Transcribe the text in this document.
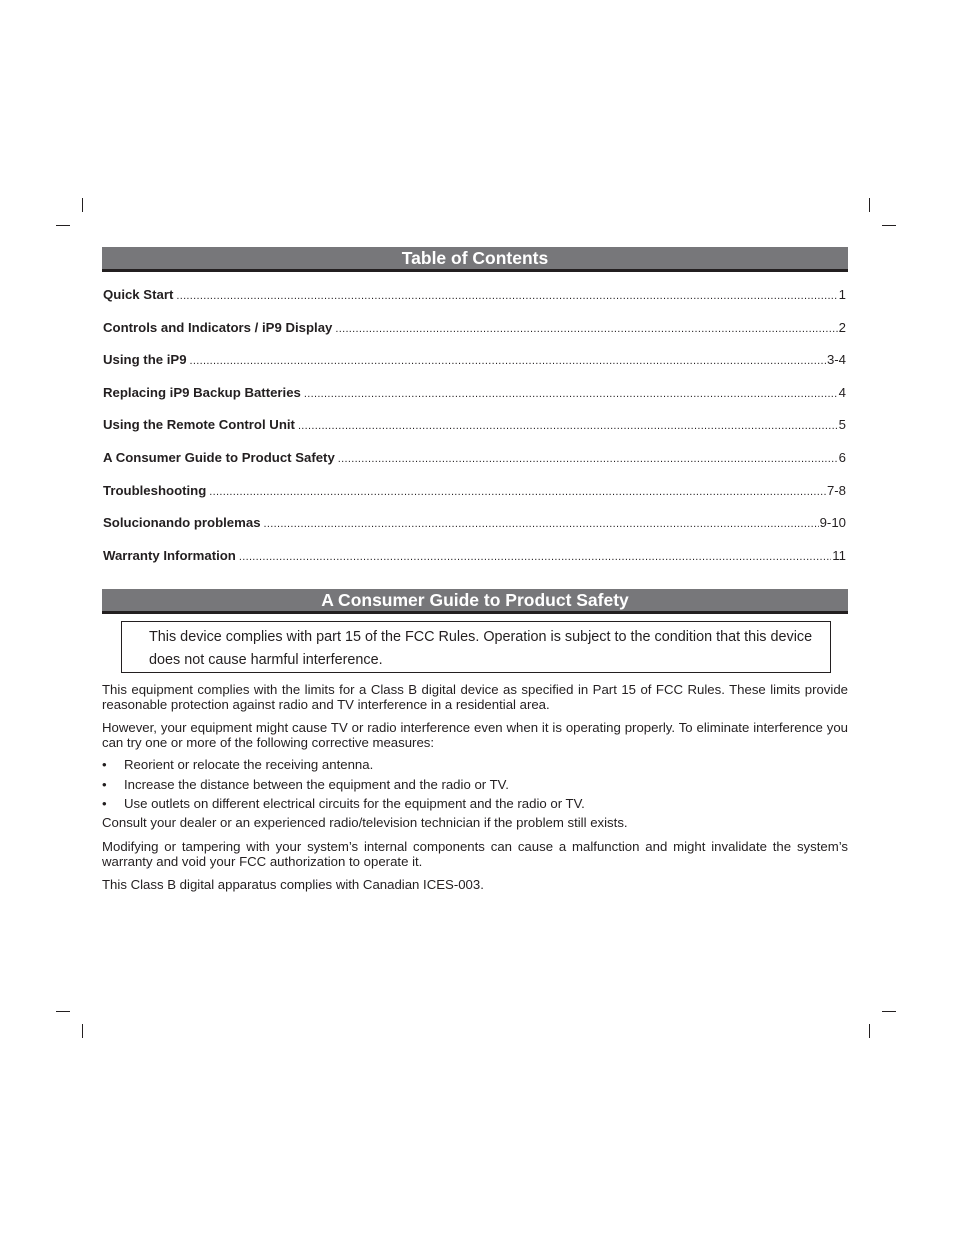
Table of Contents
Quick Start .....	1
Controls and Indicators / iP9 Display .....	2
Using the iP9 .....	3-4
Replacing iP9 Backup Batteries .....	4
Using the Remote Control Unit .....	5
A Consumer Guide to Product Safety .....	6
Troubleshooting .....	7-8
Solucionando problemas .....	9-10
Warranty Information .....	11
A Consumer Guide to Product Safety

This device complies with part 15 of the FCC Rules. Operation is subject to the condition that this device does not cause harmful interference.

This equipment complies with the limits for a Class B digital device as specified in Part 15 of FCC Rules. These limits provide reasonable protection against radio and TV interference in a residential area.

However, your equipment might cause TV or radio interference even when it is operating properly. To eliminate interference you can try one or more of the following corrective measures:

•	Reorient or relocate the receiving antenna.
•	Increase the distance between the equipment and the radio or TV.
•	Use outlets on different electrical circuits for the equipment and the radio or TV.

Consult your dealer or an experienced radio/television technician if the problem still exists.

Modifying or tampering with your system’s internal components can cause a malfunction and might invalidate the system’s warranty and void your FCC authorization to operate it.

This Class B digital apparatus complies with Canadian ICES-003.
